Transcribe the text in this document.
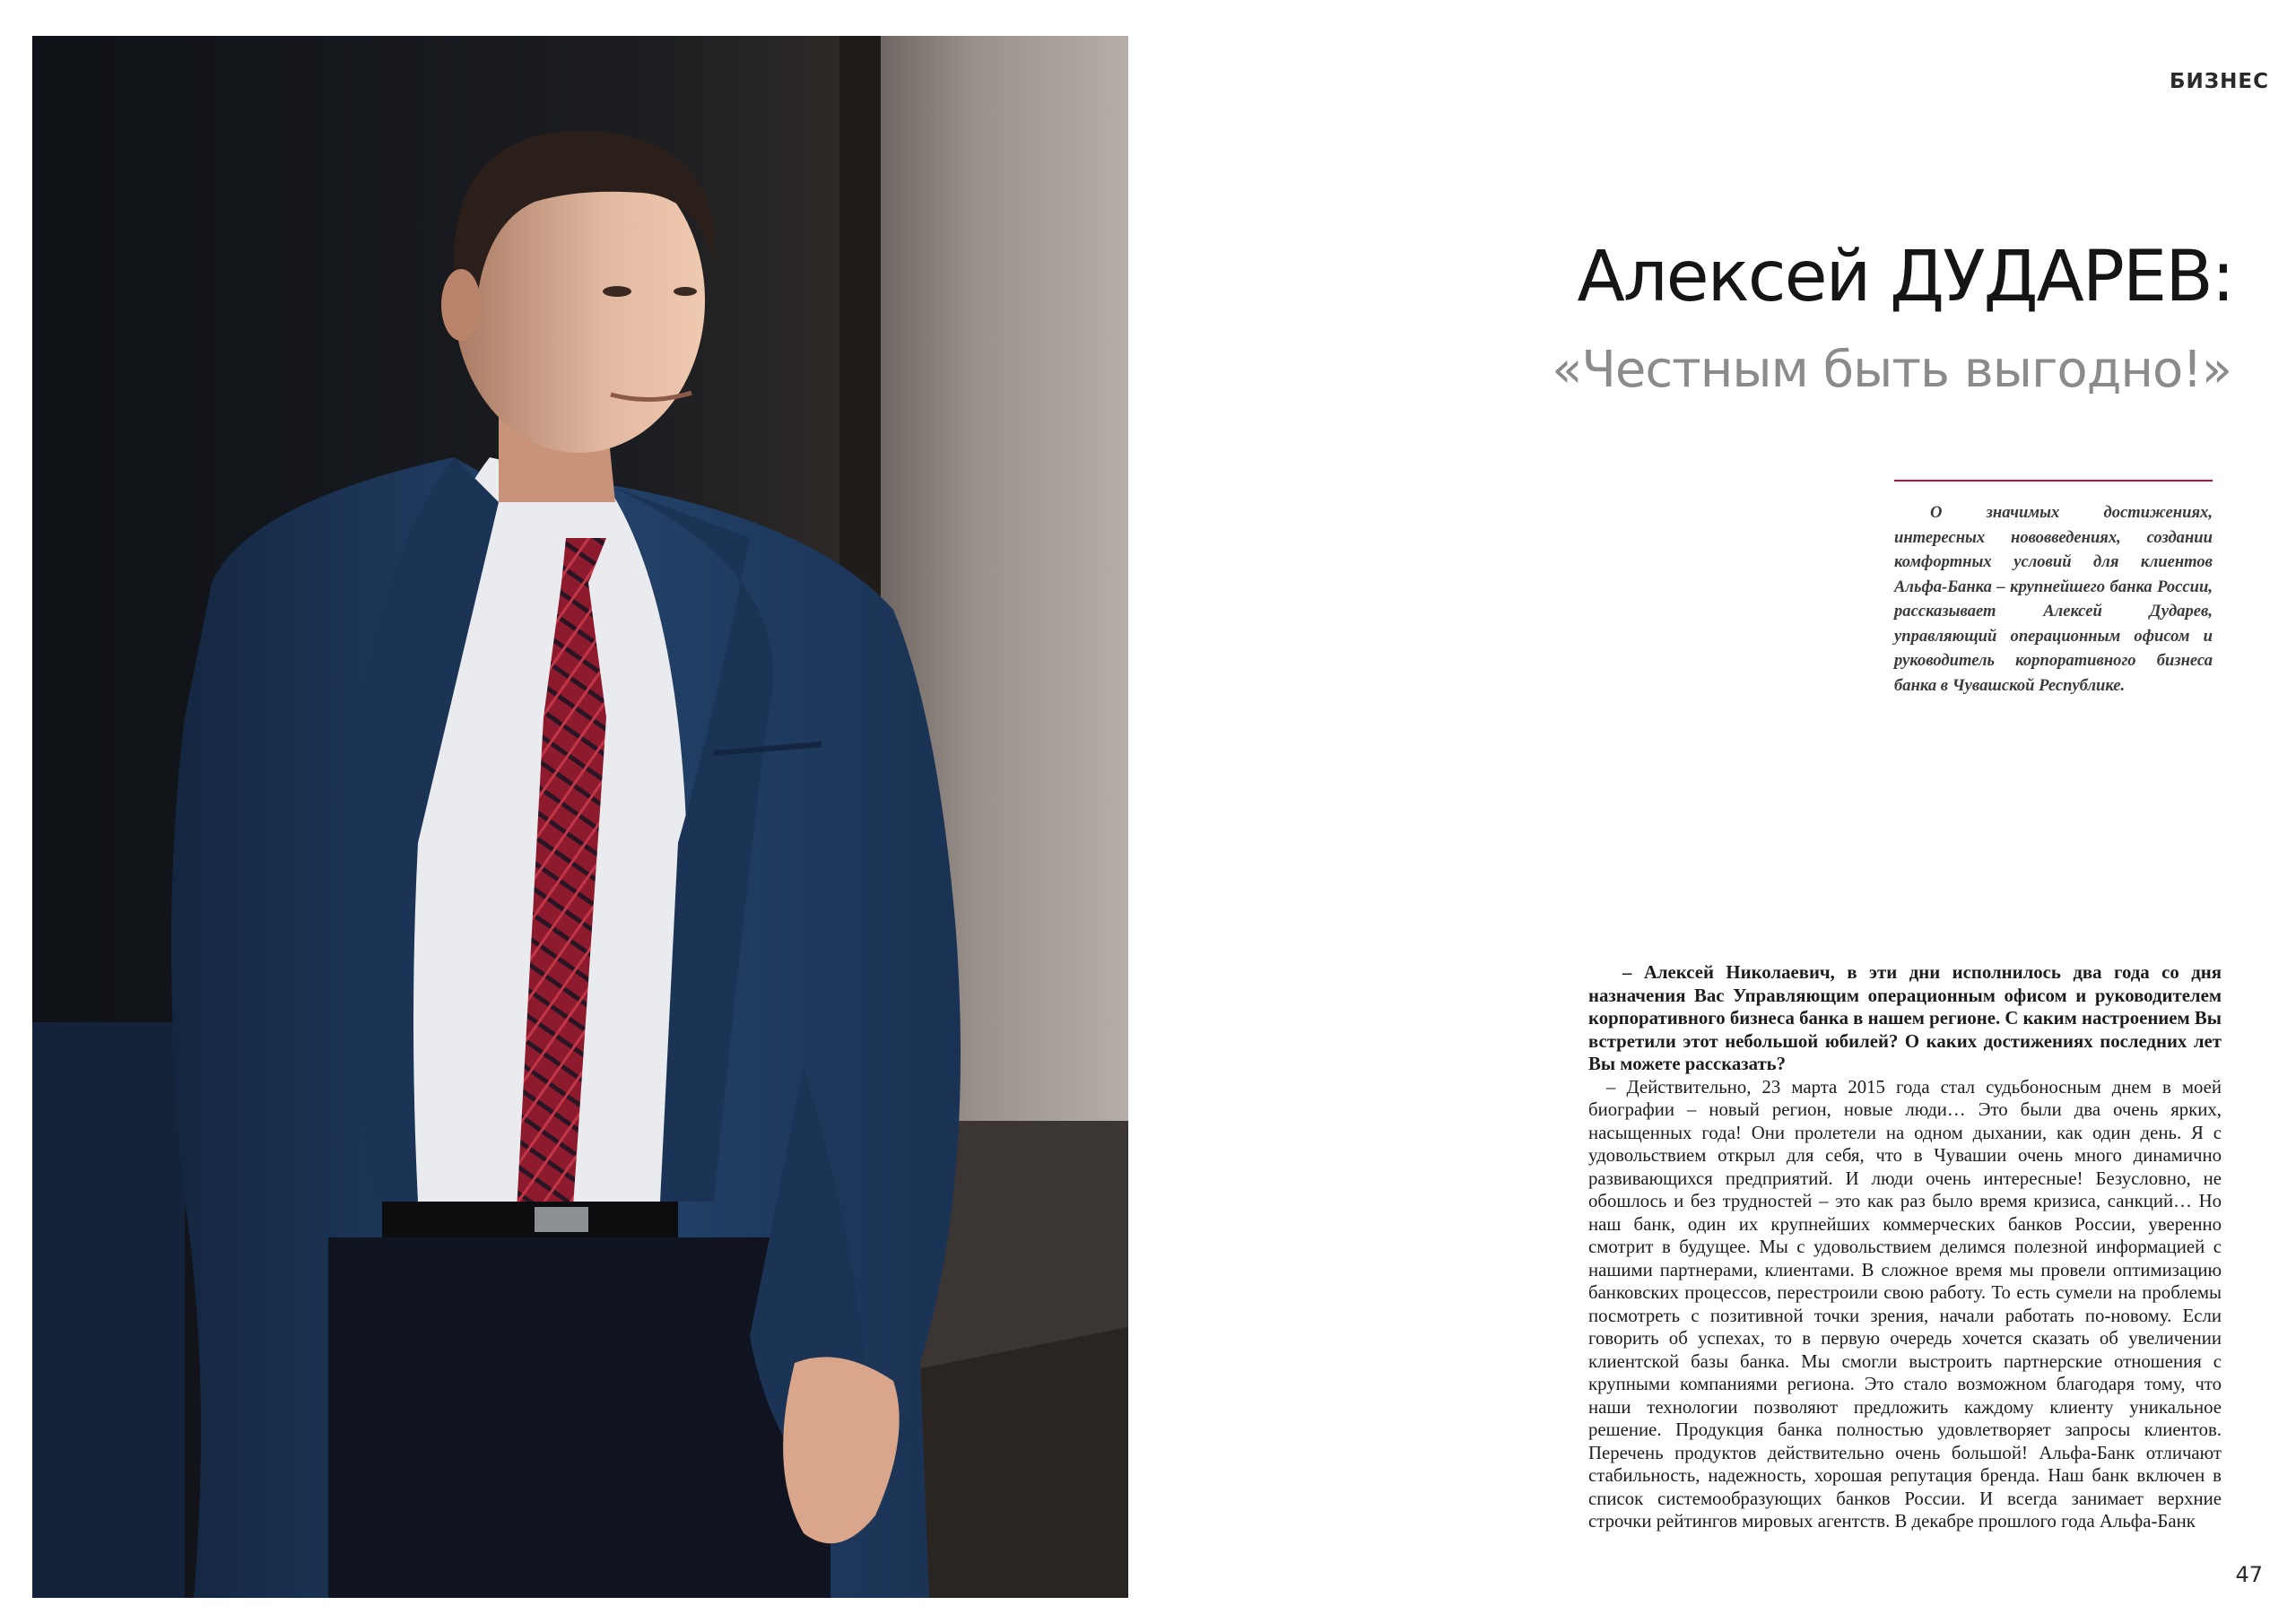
БИЗНЕС

Алексей ДУДАРЕВ:
«Честным быть выгодно!»

О значимых достижениях, интересных нововведениях, создании комфортных условий для клиентов Альфа-Банка – крупнейшего банка России, рассказывает Алексей Дударев, управляющий операционным офисом и руководитель корпоративного бизнеса банка в Чувашской Республике.

– Алексей Николаевич, в эти дни исполнилось два года со дня назначения Вас Управляющим операционным офисом и руководителем корпоративного бизнеса банка в нашем регионе. С каким настроением Вы встретили этот небольшой юбилей? О каких достижениях последних лет Вы можете рассказать?

– Действительно, 23 марта 2015 года стал судьбоносным днем в моей биографии – новый регион, новые люди… Это были два очень ярких, насыщенных года! Они пролетели на одном дыхании, как один день. Я с удовольствием открыл для себя, что в Чувашии очень много динамично развивающихся предприятий. И люди очень интересные! Безусловно, не обошлось и без трудностей – это как раз было время кризиса, санкций… Но наш банк, один их крупнейших коммерческих банков России, уверенно смотрит в будущее. Мы с удовольствием делимся полезной информацией с нашими партнерами, клиентами. В сложное время мы провели оптимизацию банковских процессов, перестроили свою работу. То есть сумели на проблемы посмотреть с позитивной точки зрения, начали работать по-новому. Если говорить об успехах, то в первую очередь хочется сказать об увеличении клиентской базы банка. Мы смогли выстроить партнерские отношения с крупными компаниями региона. Это стало возможном благодаря тому, что наши технологии позволяют предложить каждому клиенту уникальное решение. Продукция банка полностью удовлетворяет запросы клиентов. Перечень продуктов действительно очень большой! Альфа-Банк отличают стабильность, надежность, хорошая репутация бренда. Наш банк включен в список системообразующих банков России. И всегда занимает верхние строчки рейтингов мировых агентств. В декабре прошлого года Альфа-Банк

47
